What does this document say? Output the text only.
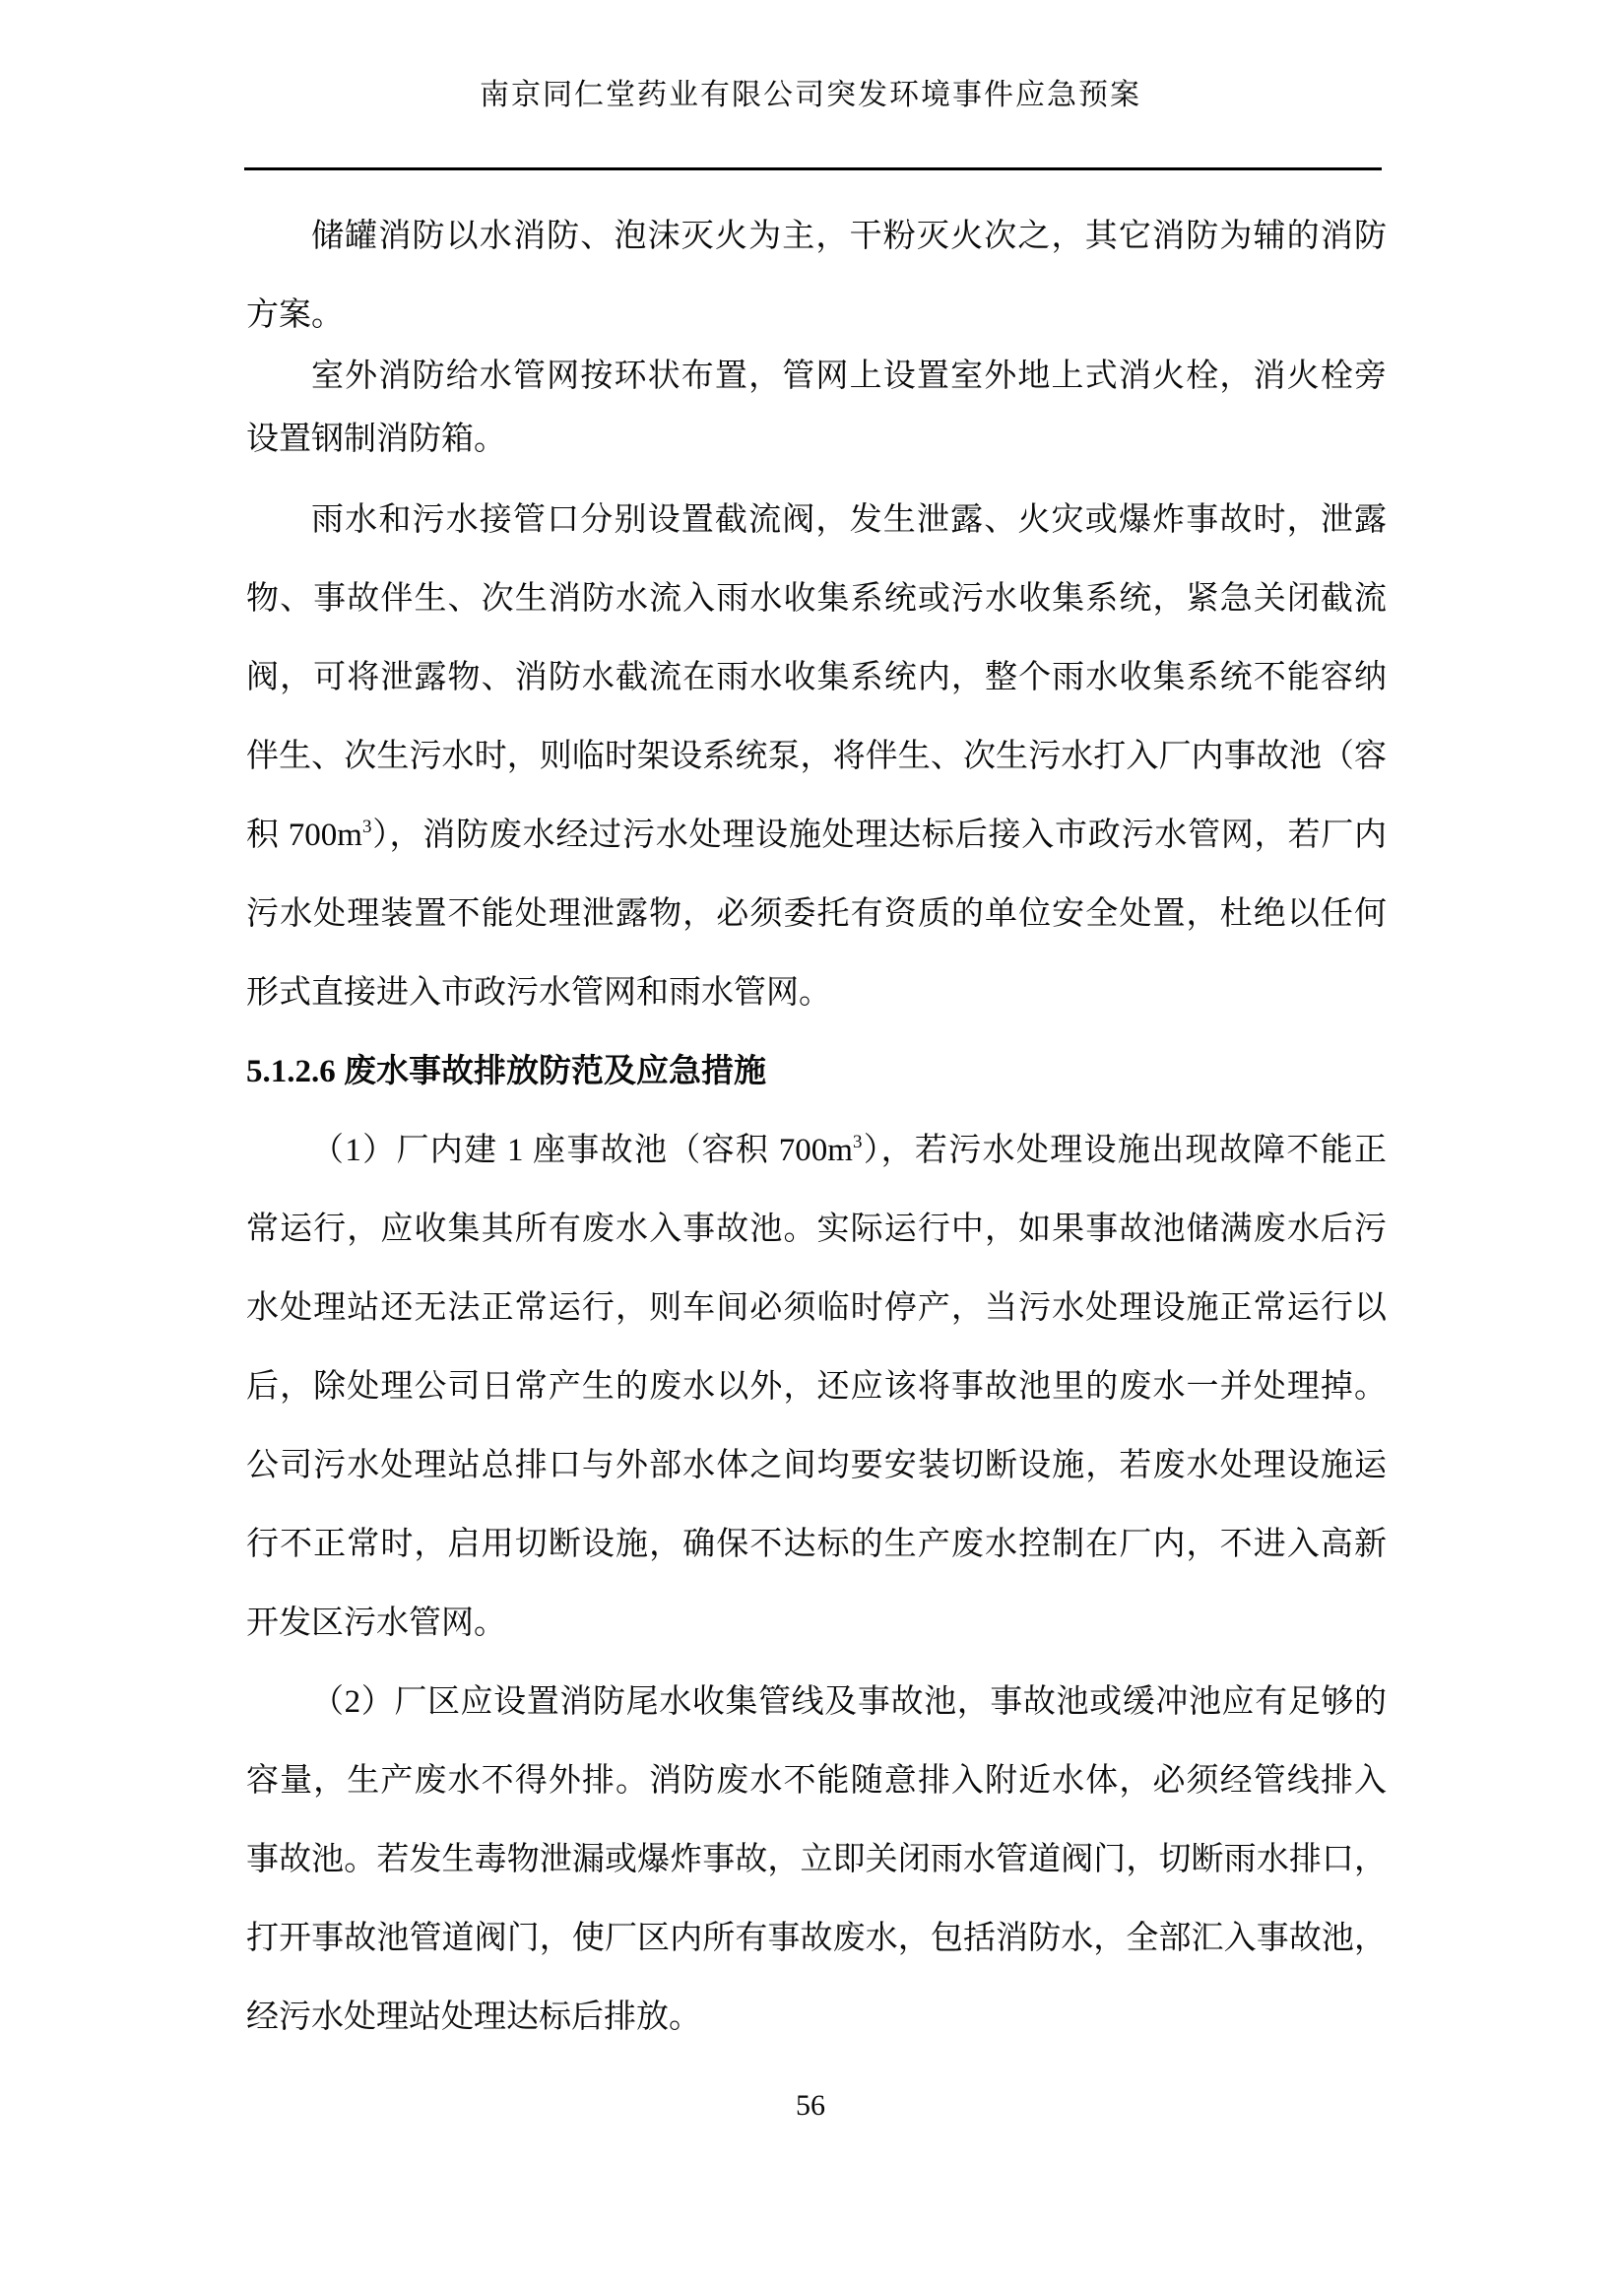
南京同仁堂药业有限公司突发环境事件应急预案
储罐消防以水消防、泡沫灭火为主，干粉灭火次之，其它消防为辅的消防
方案。
室外消防给水管网按环状布置，管网上设置室外地上式消火栓，消火栓旁
设置钢制消防箱。
雨水和污水接管口分别设置截流阀，发生泄露、火灾或爆炸事故时，泄露
物、事故伴生、次生消防水流入雨水收集系统或污水收集系统，紧急关闭截流
阀，可将泄露物、消防水截流在雨水收集系统内，整个雨水收集系统不能容纳
伴生、次生污水时，则临时架设系统泵，将伴生、次生污水打入厂内事故池（容
积 $700m^3$），消防废水经过污水处理设施处理达标后接入市政污水管网，若厂内
污水处理装置不能处理泄露物，必须委托有资质的单位安全处置，杜绝以任何
形式直接进入市政污水管网和雨水管网。
5.1.2.6 废水事故排放防范及应急措施
（1）厂内建 1 座事故池（容积 $700m^3$），若污水处理设施出现故障不能正
常运行，应收集其所有废水入事故池。实际运行中，如果事故池储满废水后污
水处理站还无法正常运行，则车间必须临时停产，当污水处理设施正常运行以
后，除处理公司日常产生的废水以外，还应该将事故池里的废水一并处理掉。
公司污水处理站总排口与外部水体之间均要安装切断设施，若废水处理设施运
行不正常时，启用切断设施，确保不达标的生产废水控制在厂内，不进入高新
开发区污水管网。
（2）厂区应设置消防尾水收集管线及事故池，事故池或缓冲池应有足够的
容量，生产废水不得外排。消防废水不能随意排入附近水体，必须经管线排入
事故池。若发生毒物泄漏或爆炸事故，立即关闭雨水管道阀门，切断雨水排口，
打开事故池管道阀门，使厂区内所有事故废水，包括消防水，全部汇入事故池，
经污水处理站处理达标后排放。
56
